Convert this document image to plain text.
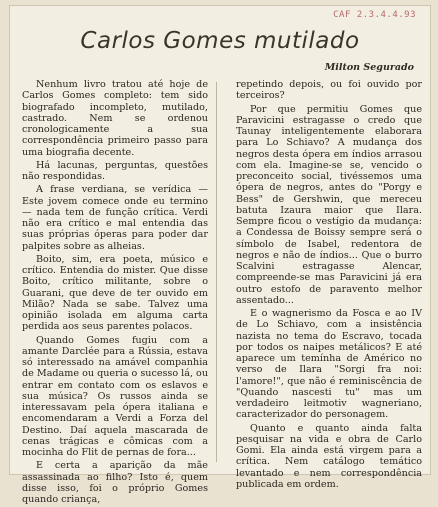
CAF 2.3.4.4.93
Carlos Gomes mutilado
Milton Segurado

Nenhum livro tratou até hoje de Carlos Gomes completo: tem sido biografado incompleto, mutilado, castrado. Nem se ordenou cronologicamente a sua correspondência primeiro passo para uma biografia decente.

Há lacunas, perguntas, questões não respondidas.

A frase verdiana, se verídica — Este jovem comece onde eu termino — nada tem de função crítica. Verdi não era crítico e mal entendia das suas próprias óperas para poder dar palpites sobre as alheias.

Boito, sim, era poeta, músico e crítico. Entendia do mister. Que disse Boito, crítico militante, sobre o Guarani, que deve de ter ouvido em Milão? Nada se sabe. Talvez uma opinião isolada em alguma carta perdida aos seus parentes polacos.

Quando Gomes fugiu com a amante Darclée para a Rússia, estava só interessado na amável companhia de Madame ou queria o sucesso lá, ou entrar em contato com os eslavos e sua música? Os russos ainda se interessavam pela ópera italiana e encomendaram a Verdi a Forza del Destino. Daí aquela mascarada de cenas trágicas e cômicas com a mocinha do Flit de pernas de fora...

E certa a aparição da mãe assassinada ao filho? Isto é, quem disse isso, foi o próprio Gomes quando criança,

repetindo depois, ou foi ouvido por terceiros?

Por que permitiu Gomes que Paravicini estragasse o credo que Taunay inteligentemente elaborara para Lo Schiavo? A mudança dos negros desta ópera em índios arrasou com ela. Imagine-se se, vencido o preconceito social, tivéssemos uma ópera de negros, antes do "Porgy e Bess" de Gershwin, que mereceu batuta Izaura maior que Ilara. Sempre ficou o vestígio da mudança: a Condessa de Boissy sempre será o símbolo de Isabel, redentora de negros e não de índios... Que o burro Scalvini estragasse Alencar, compreende-se mas Paravicini já era outro estofo de paravento melhor assentado...

E o wagnerismo da Fosca e ao IV de Lo Schiavo, com a insistência nazista no tema do Escravo, tocada por todos os naipes metálicos? E até aparece um temínha de Américo no verso de Ilara "Sorgi fra noi: l'amore!", que não é reminiscência de "Quando nascesti tu" mas um verdadeiro leitmotiv wagneriano, caracterizador do personagem.

Quanto e quanto ainda falta pesquisar na vida e obra de Carlo Gomi. Ela ainda está virgem para a crítica. Nem catálogo temático levantado e nem correspondência publicada em ordem.
